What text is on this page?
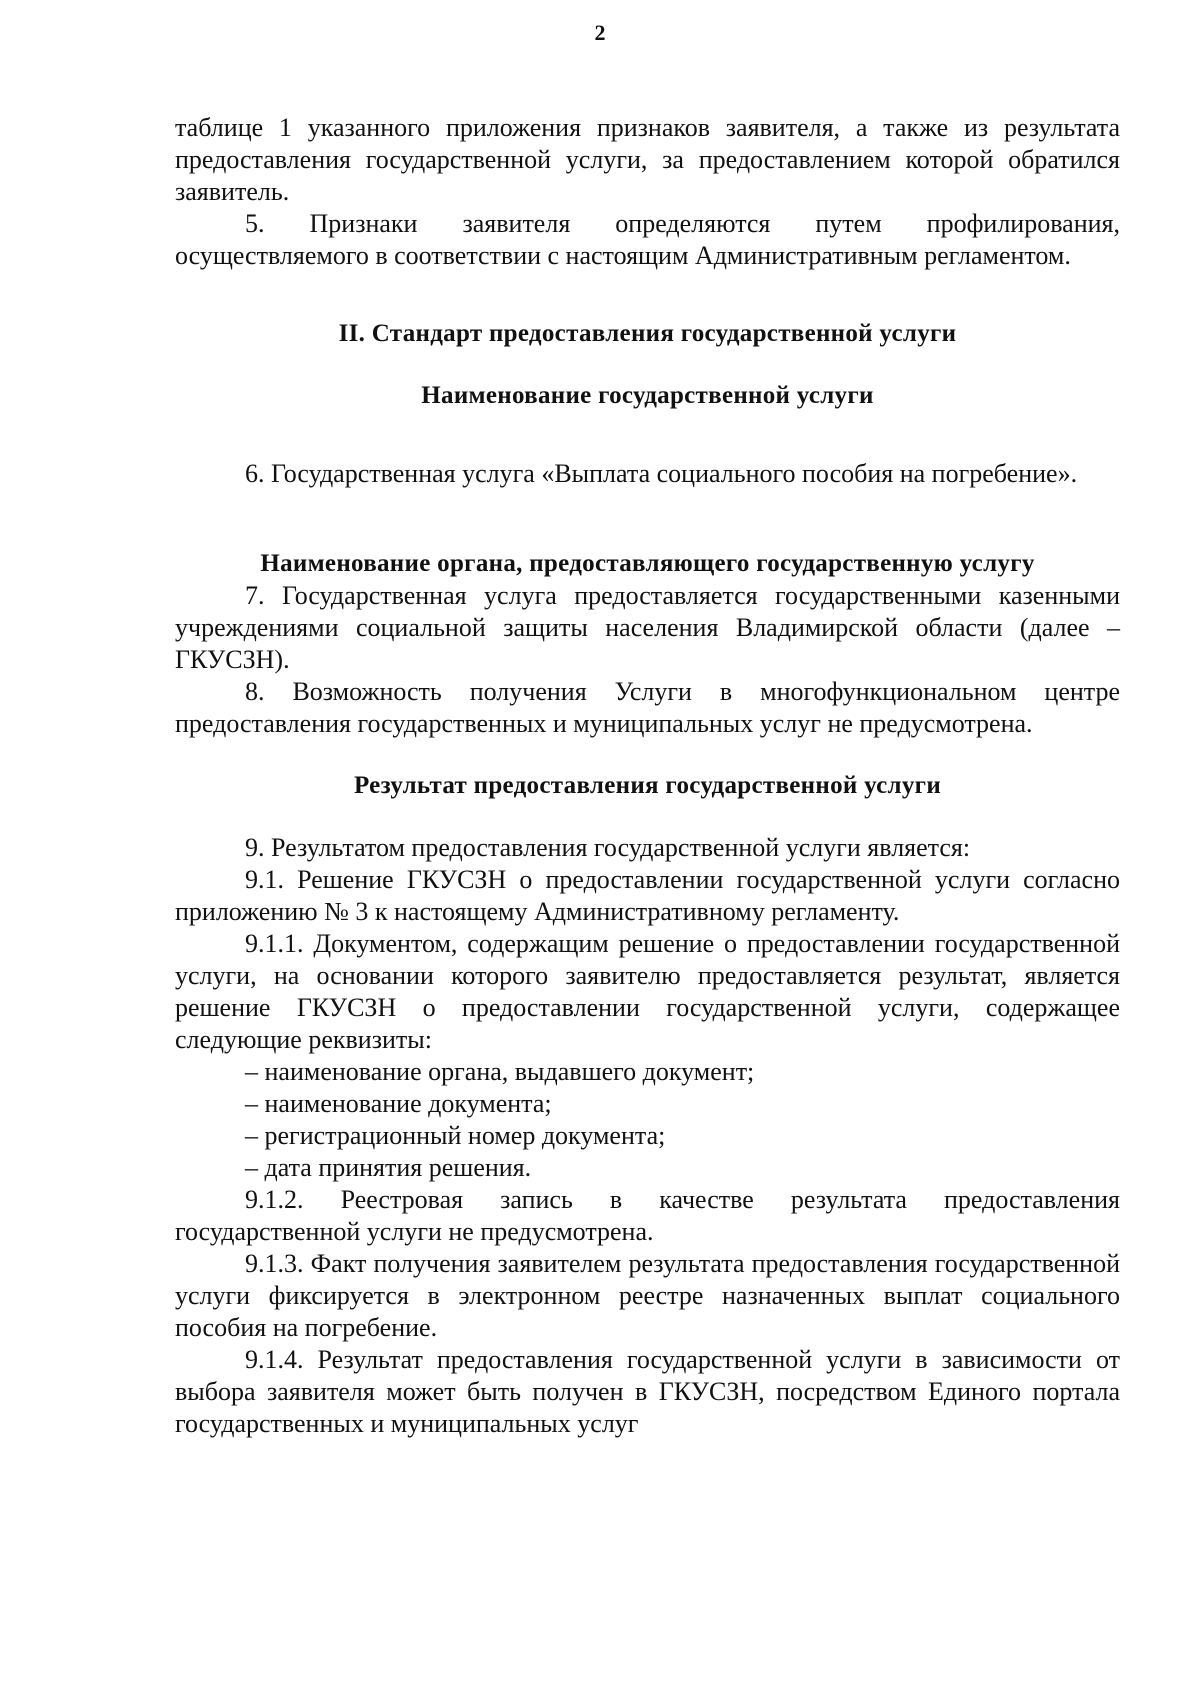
2

таблице 1 указанного приложения признаков заявителя, а также из результата предоставления государственной услуги, за предоставлением которой обратился заявитель.

5. Признаки заявителя определяются путем профилирования, осуществляемого в соответствии с настоящим Административным регламентом.

II. Стандарт предоставления государственной услуги

Наименование государственной услуги

6. Государственная услуга «Выплата социального пособия на погребение».

Наименование органа, предоставляющего государственную услугу

7. Государственная услуга предоставляется государственными казенными учреждениями социальной защиты населения Владимирской области (далее – ГКУСЗН).

8. Возможность получения Услуги в многофункциональном центре предоставления государственных и муниципальных услуг не предусмотрена.

Результат предоставления государственной услуги

9. Результатом предоставления государственной услуги является:

9.1. Решение ГКУСЗН о предоставлении государственной услуги согласно приложению № 3 к настоящему Административному регламенту.

9.1.1. Документом, содержащим решение о предоставлении государственной услуги, на основании которого заявителю предоставляется результат, является решение ГКУСЗН о предоставлении государственной услуги, содержащее следующие реквизиты:

– наименование органа, выдавшего документ;

– наименование документа;

– регистрационный номер документа;

– дата принятия решения.

9.1.2. Реестровая запись в качестве результата предоставления государственной услуги не предусмотрена.

9.1.3. Факт получения заявителем результата предоставления государственной услуги фиксируется в электронном реестре назначенных выплат социального пособия на погребение.

9.1.4. Результат предоставления государственной услуги в зависимости от выбора заявителя может быть получен в ГКУСЗН, посредством Единого портала государственных и муниципальных услуг
